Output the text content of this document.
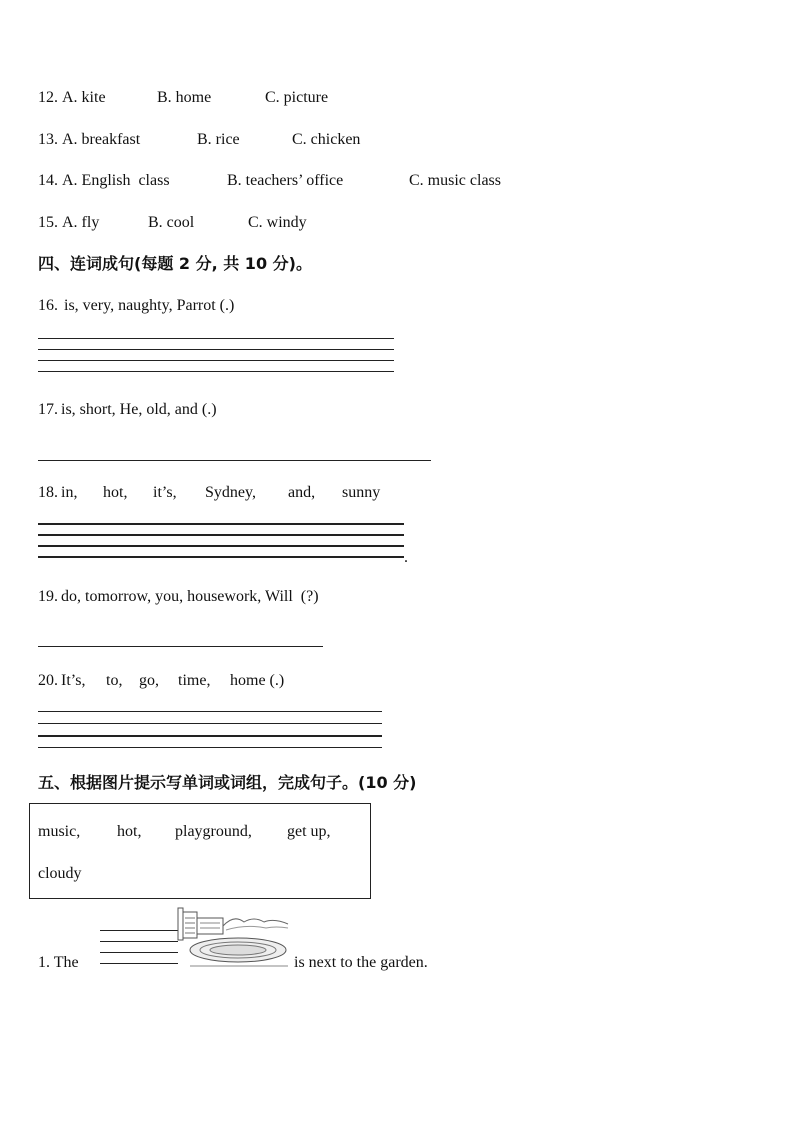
12. A. kite	B. home	C. picture
13. A. breakfast	B. rice	C. chicken
14. A. English  class	B. teachers’ office	C. music class
15. A. fly	B. cool	C. windy
四、连词成句(每题 2 分, 共 10 分)。
16. is, very, naughty, Parrot (.)
17. is, short, He, old, and (.)
18. in, hot, it’s, Sydney, and, sunny
.
19. do, tomorrow, you, housework, Will  (?)
20. It’s, to, go, time, home (.)
五、根据图片提示写单词或词组，完成句子。(10 分)
music, hot, playground, get up,
cloudy
1. The	is next to the garden.
